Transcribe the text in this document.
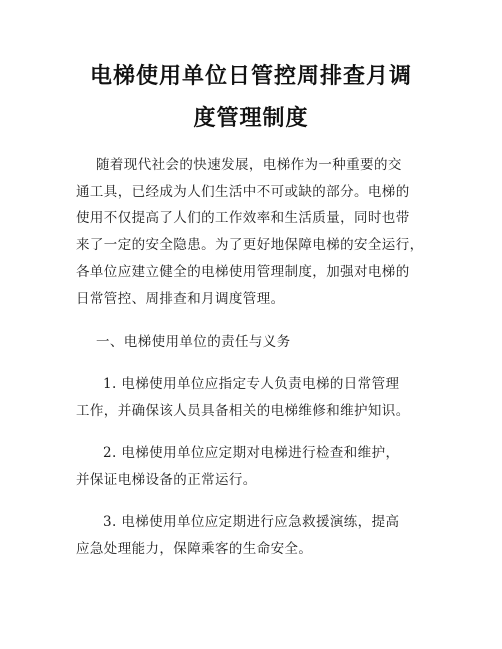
电梯使用单位日管控周排查月调
度管理制度
随着现代社会的快速发展，电梯作为一种重要的交
通工具，已经成为人们生活中不可或缺的部分。电梯的
使用不仅提高了人们的工作效率和生活质量，同时也带
来了一定的安全隐患。为了更好地保障电梯的安全运行，
各单位应建立健全的电梯使用管理制度，加强对电梯的
日常管控、周排查和月调度管理。
一、电梯使用单位的责任与义务
1. 电梯使用单位应指定专人负责电梯的日常管理
工作，并确保该人员具备相关的电梯维修和维护知识。
2. 电梯使用单位应定期对电梯进行检查和维护，
并保证电梯设备的正常运行。
3. 电梯使用单位应定期进行应急救援演练，提高
应急处理能力，保障乘客的生命安全。
